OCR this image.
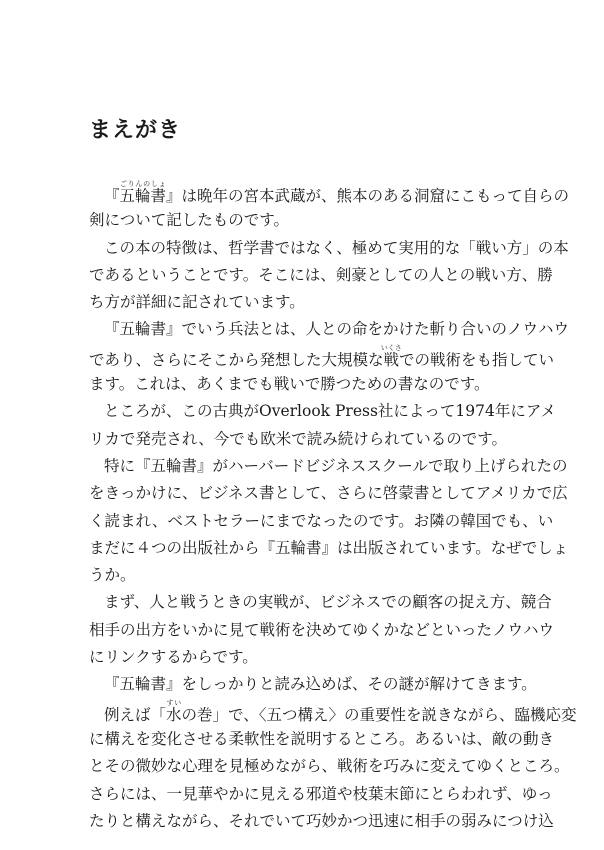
まえがき
『五輪書ごりんのしょ』は晩年の宮本武蔵が、熊本のある洞窟にこもって自らの
剣について記したものです。
この本の特徴は、哲学書ではなく、極めて実用的な「戦い方」の本
であるということです。そこには、剣豪としての人との戦い方、勝
ち方が詳細に記されています。
『五輪書』でいう兵法とは、人との命をかけた斬り合いのノウハウ
であり、さらにそこから発想した大規模な戦いくさでの戦術をも指してい
ます。これは、あくまでも戦いで勝つための書なのです。
ところが、この古典がOverlook Press社によって1974年にアメ
リカで発売され、今でも欧米で読み続けられているのです。
特に『五輪書』がハーバードビジネススクールで取り上げられたの
をきっかけに、ビジネス書として、さらに啓蒙書としてアメリカで広
く読まれ、ベストセラーにまでなったのです。お隣の韓国でも、い
まだに４つの出版社から『五輪書』は出版されています。なぜでしょ
うか。
まず、人と戦うときの実戦が、ビジネスでの顧客の捉え方、競合
相手の出方をいかに見て戦術を決めてゆくかなどといったノウハウ
にリンクするからです。
『五輪書』をしっかりと読み込めば、その謎が解けてきます。
例えば「水すいの巻」で、〈五つ構え〉の重要性を説きながら、臨機応変
に構えを変化させる柔軟性を説明するところ。あるいは、敵の動き
とその微妙な心理を見極めながら、戦術を巧みに変えてゆくところ。
さらには、一見華やかに見える邪道や枝葉末節にとらわれず、ゆっ
たりと構えながら、それでいて巧妙かつ迅速に相手の弱みにつけ込
